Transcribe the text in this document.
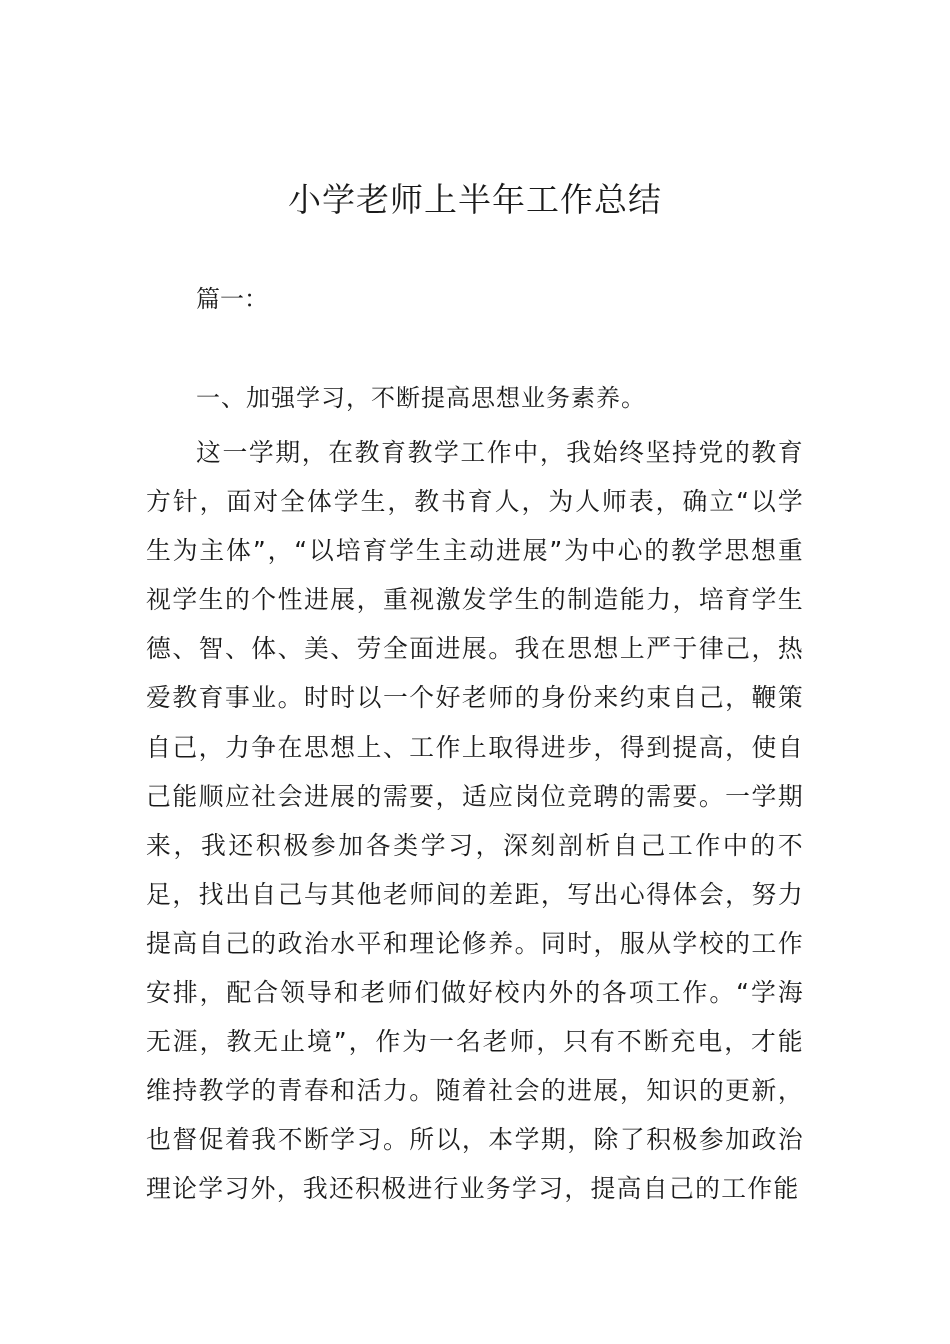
小学老师上半年工作总结

篇一：

一、加强学习，不断提高思想业务素养。

这一学期，在教育教学工作中，我始终坚持党的教育方针，面对全体学生，教书育人，为人师表，确立“以学生为主体”，“以培育学生主动进展”为中心的教学思想重视学生的个性进展，重视激发学生的制造能力，培育学生德、智、体、美、劳全面进展。我在思想上严于律己，热爱教育事业。时时以一个好老师的身份来约束自己，鞭策自己，力争在思想上、工作上取得进步，得到提高，使自己能顺应社会进展的需要，适应岗位竞聘的需要。一学期来，我还积极参加各类学习，深刻剖析自己工作中的不足，找出自己与其他老师间的差距，写出心得体会，努力提高自己的政治水平和理论修养。同时，服从学校的工作安排，配合领导和老师们做好校内外的各项工作。“学海无涯，教无止境”，作为一名老师，只有不断充电，才能维持教学的青春和活力。随着社会的进展，知识的更新，也督促着我不断学习。所以，本学期，除了积极参加政治理论学习外，我还积极进行业务学习，提高自己的工作能
